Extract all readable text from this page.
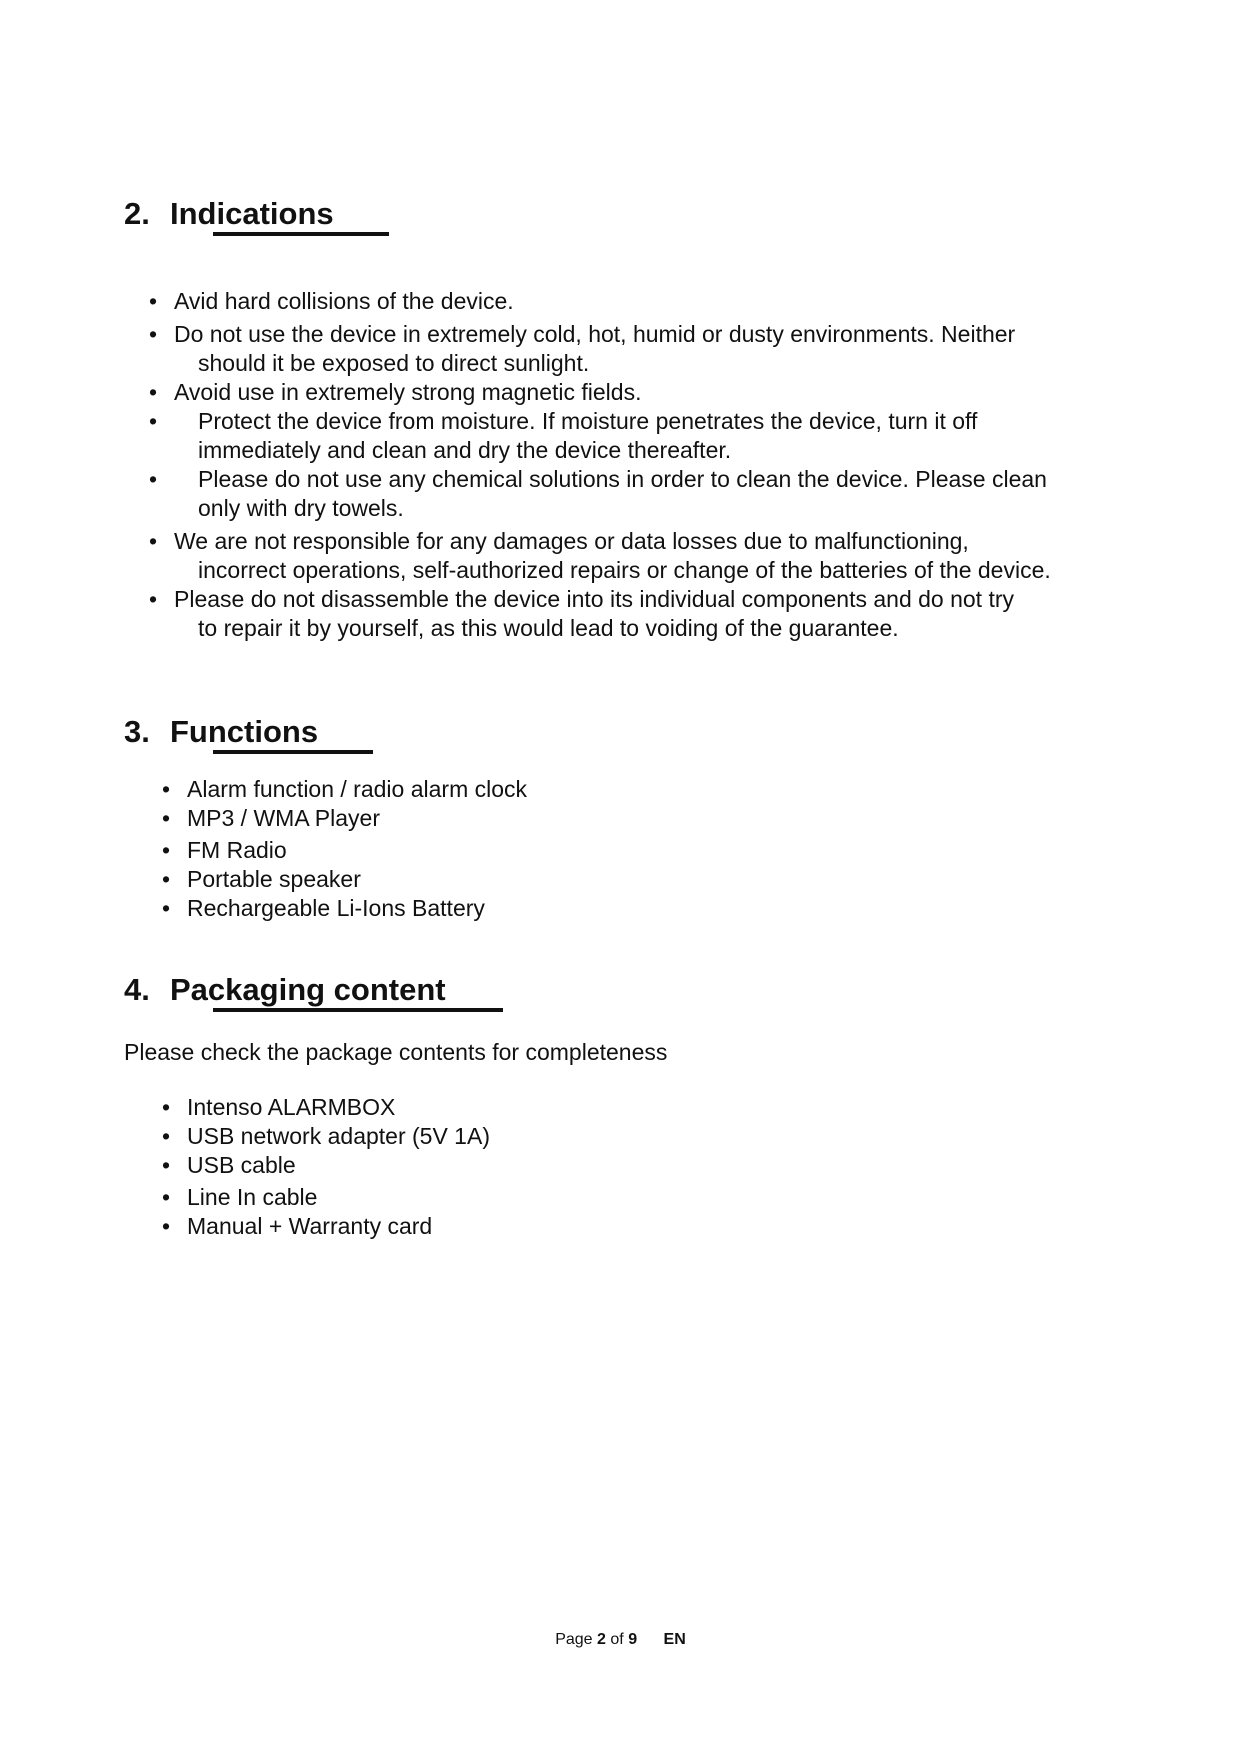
2. Indications
• Avid hard collisions of the device.
• Do not use the device in extremely cold, hot, humid or dusty environments. Neither
should it be exposed to direct sunlight.
• Avoid use in extremely strong magnetic fields.
• Protect the device from moisture. If moisture penetrates the device, turn it off
immediately and clean and dry the device thereafter.
• Please do not use any chemical solutions in order to clean the device. Please clean
only with dry towels.
• We are not responsible for any damages or data losses due to malfunctioning,
incorrect operations, self-authorized repairs or change of the batteries of the device.
• Please do not disassemble the device into its individual components and do not try
to repair it by yourself, as this would lead to voiding of the guarantee.
3. Functions
• Alarm function / radio alarm clock
• MP3 / WMA Player
• FM Radio
• Portable speaker
• Rechargeable Li-Ions Battery
4. Packaging content

Please check the package contents for completeness

• Intenso ALARMBOX
• USB network adapter (5V 1A)
• USB cable
• Line In cable
• Manual + Warranty card
Page 2 of 9 EN
